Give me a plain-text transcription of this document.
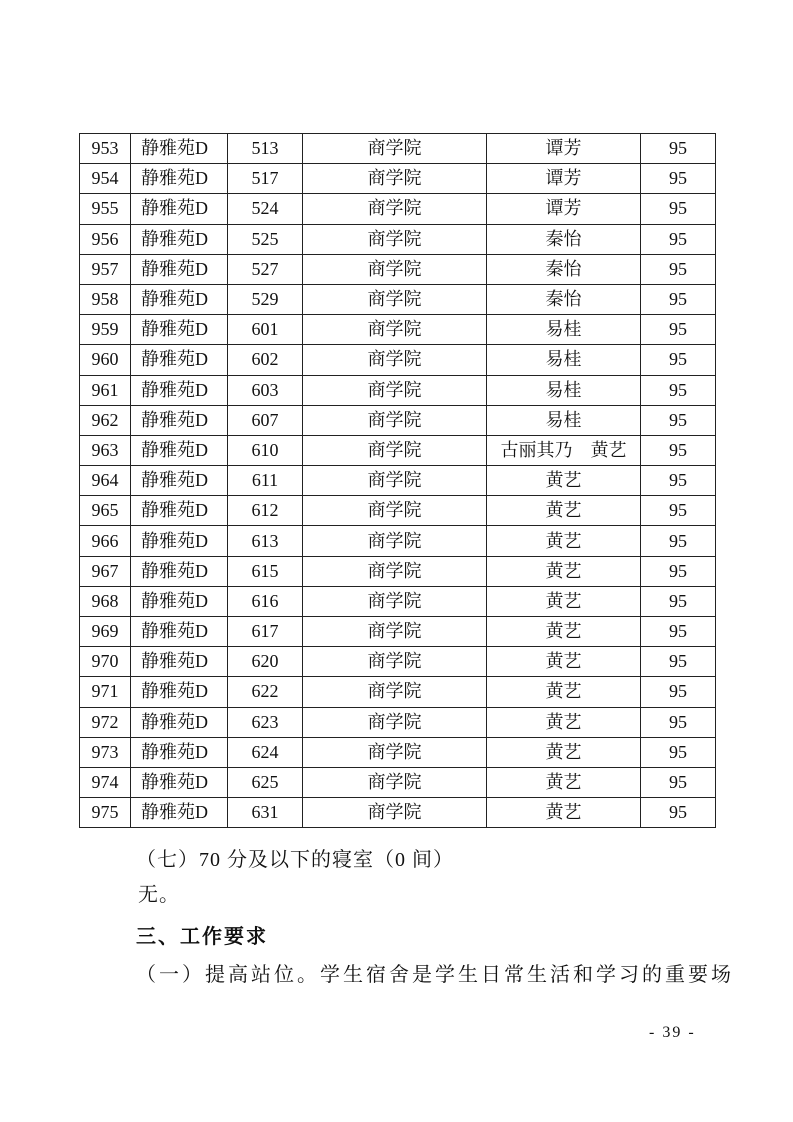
953	静雅苑D	513	商学院	谭芳	95
954	静雅苑D	517	商学院	谭芳	95
955	静雅苑D	524	商学院	谭芳	95
956	静雅苑D	525	商学院	秦怡	95
957	静雅苑D	527	商学院	秦怡	95
958	静雅苑D	529	商学院	秦怡	95
959	静雅苑D	601	商学院	易桂	95
960	静雅苑D	602	商学院	易桂	95
961	静雅苑D	603	商学院	易桂	95
962	静雅苑D	607	商学院	易桂	95
963	静雅苑D	610	商学院	古丽其乃　黄艺	95
964	静雅苑D	611	商学院	黄艺	95
965	静雅苑D	612	商学院	黄艺	95
966	静雅苑D	613	商学院	黄艺	95
967	静雅苑D	615	商学院	黄艺	95
968	静雅苑D	616	商学院	黄艺	95
969	静雅苑D	617	商学院	黄艺	95
970	静雅苑D	620	商学院	黄艺	95
971	静雅苑D	622	商学院	黄艺	95
972	静雅苑D	623	商学院	黄艺	95
973	静雅苑D	624	商学院	黄艺	95
974	静雅苑D	625	商学院	黄艺	95
975	静雅苑D	631	商学院	黄艺	95
（七）70 分及以下的寝室（0 间）
无。
三、工作要求
（一）提高站位。学生宿舍是学生日常生活和学习的重要场
- 39 -
